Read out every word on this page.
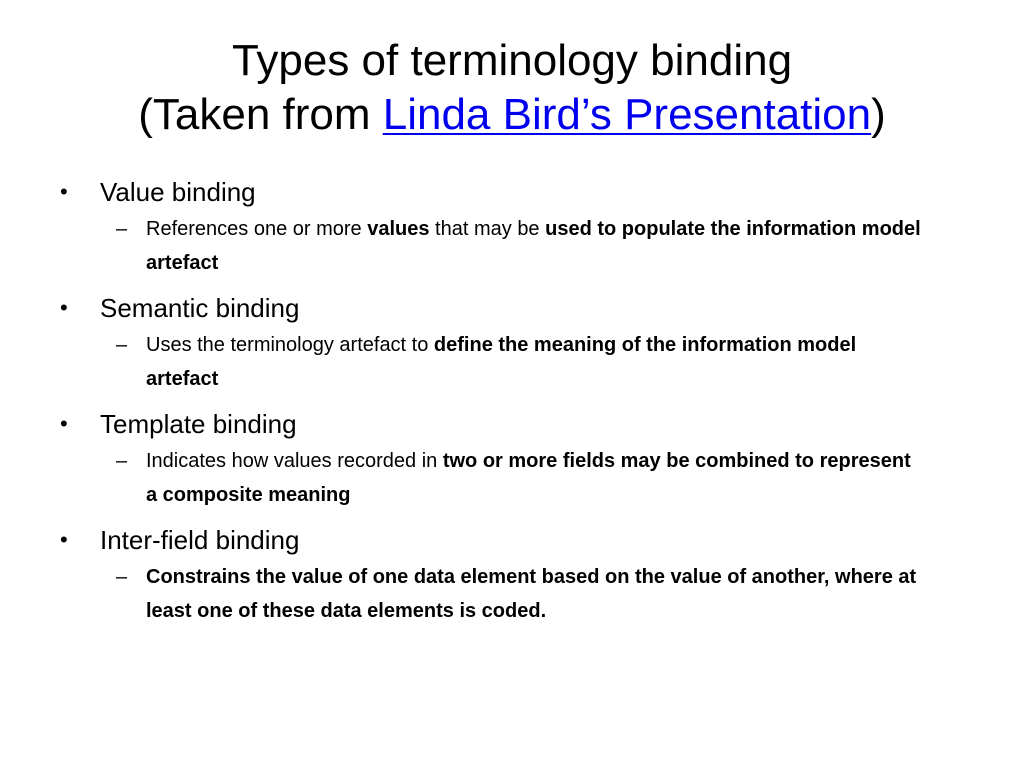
Types of terminology binding
(Taken from Linda Bird’s Presentation)
• Value binding
– References one or more values that may be used to populate the information model artefact
• Semantic binding
– Uses the terminology artefact to define the meaning of the information model artefact
• Template binding
– Indicates how values recorded in two or more fields may be combined to represent a composite meaning
• Inter-field binding
– Constrains the value of one data element based on the value of another, where at least one of these data elements is coded.
